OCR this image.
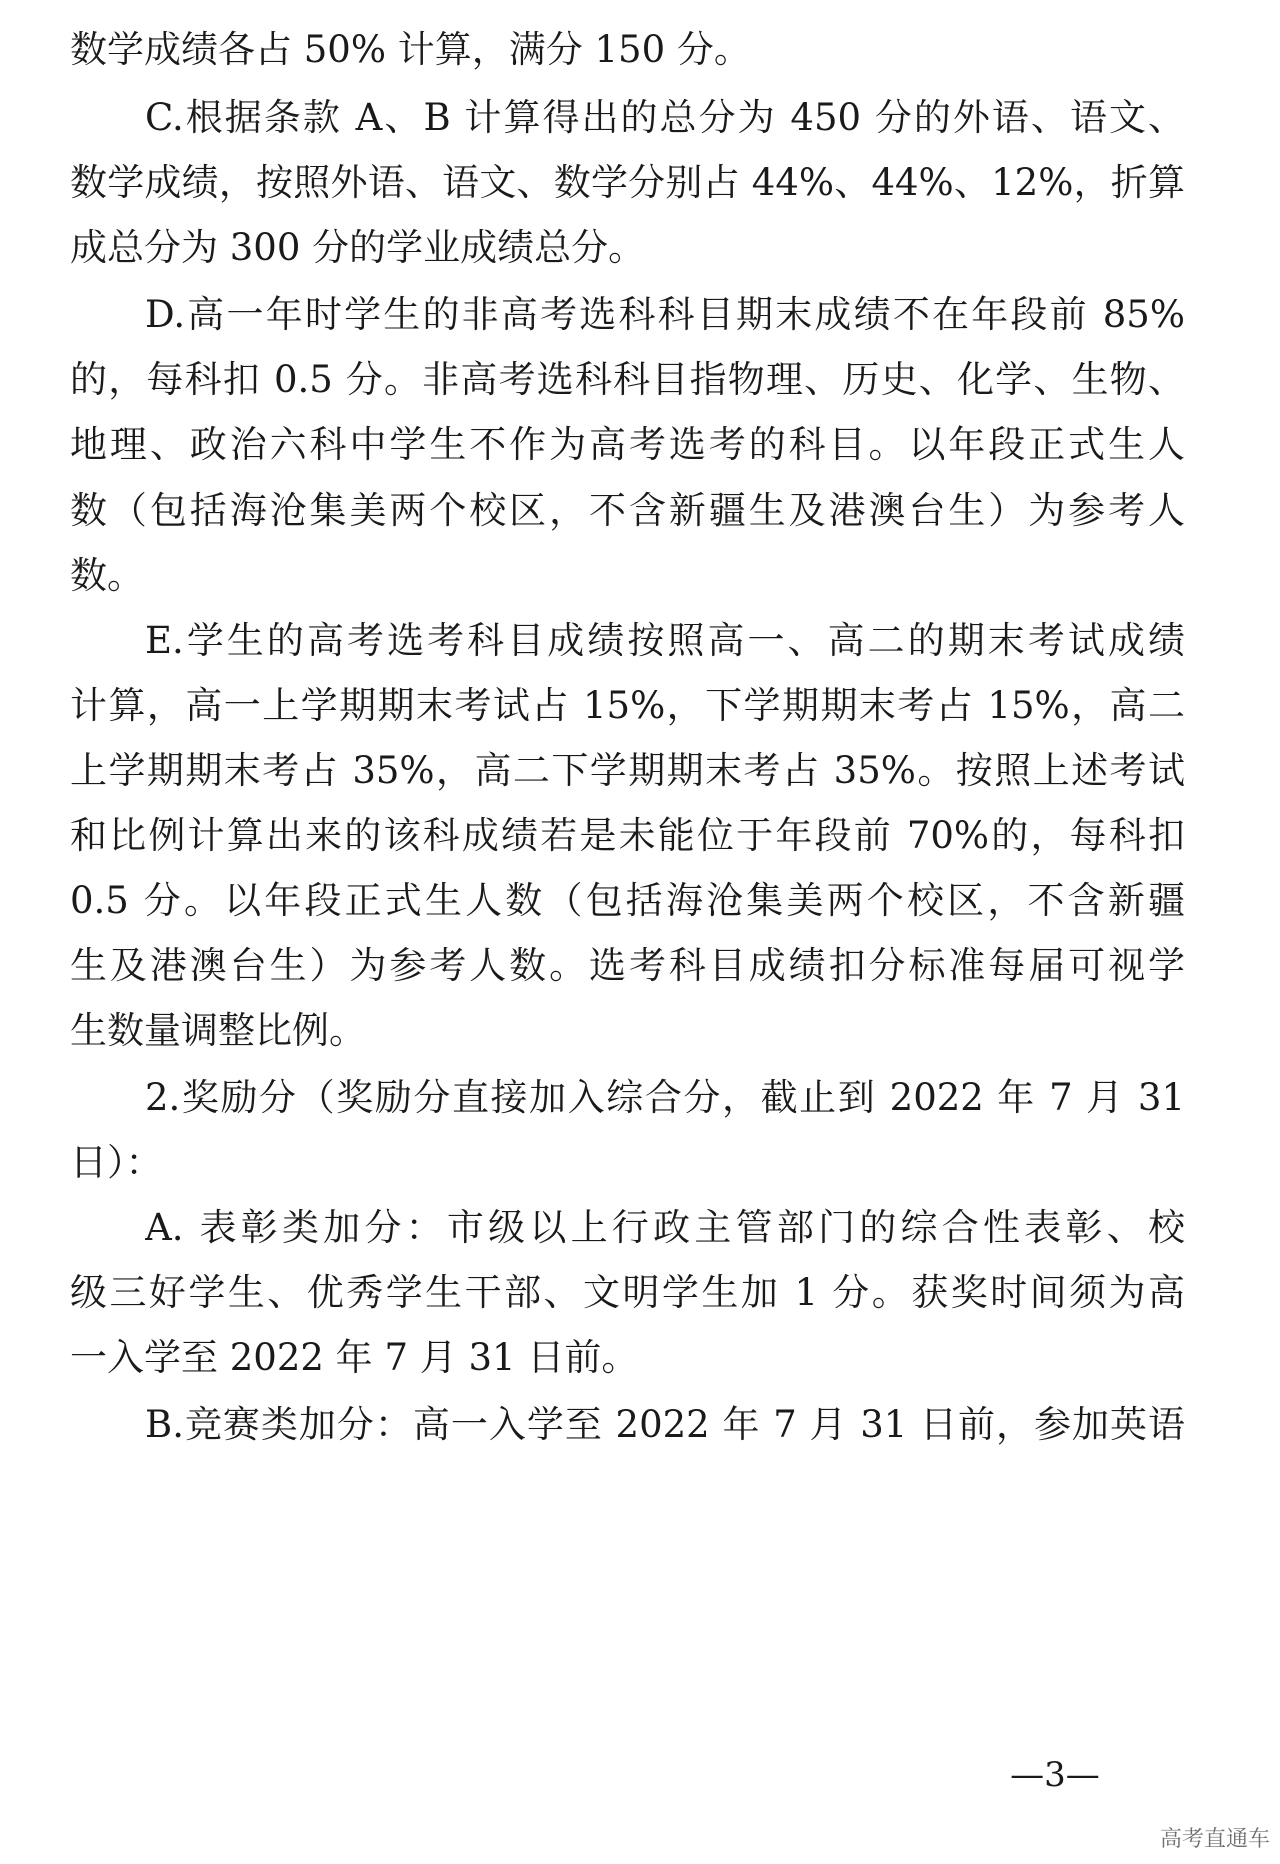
数学成绩各占 50% 计算，满分 150 分。
C.根据条款 A、B 计算得出的总分为 450 分的外语、语文、
数学成绩，按照外语、语文、数学分别占 44%、44%、12%，折算
成总分为 300 分的学业成绩总分。
D.高一年时学生的非高考选科科目期末成绩不在年段前 85%
的，每科扣 0.5 分。非高考选科科目指物理、历史、化学、生物、
地理、政治六科中学生不作为高考选考的科目。以年段正式生人
数（包括海沧集美两个校区，不含新疆生及港澳台生）为参考人
数。
E.学生的高考选考科目成绩按照高一、高二的期末考试成绩
计算，高一上学期期末考试占 15%，下学期期末考占 15%，高二
上学期期末考占 35%，高二下学期期末考占 35%。按照上述考试
和比例计算出来的该科成绩若是未能位于年段前 70%的，每科扣
0.5 分。以年段正式生人数（包括海沧集美两个校区，不含新疆
生及港澳台生）为参考人数。选考科目成绩扣分标准每届可视学
生数量调整比例。
2.奖励分（奖励分直接加入综合分，截止到 2022 年 7 月 31
日）：
A. 表彰类加分：市级以上行政主管部门的综合性表彰、校
级三好学生、优秀学生干部、文明学生加 1 分。获奖时间须为高
一入学至 2022 年 7 月 31 日前。
B.竞赛类加分：高一入学至 2022 年 7 月 31 日前，参加英语
—3—
高考直通车
